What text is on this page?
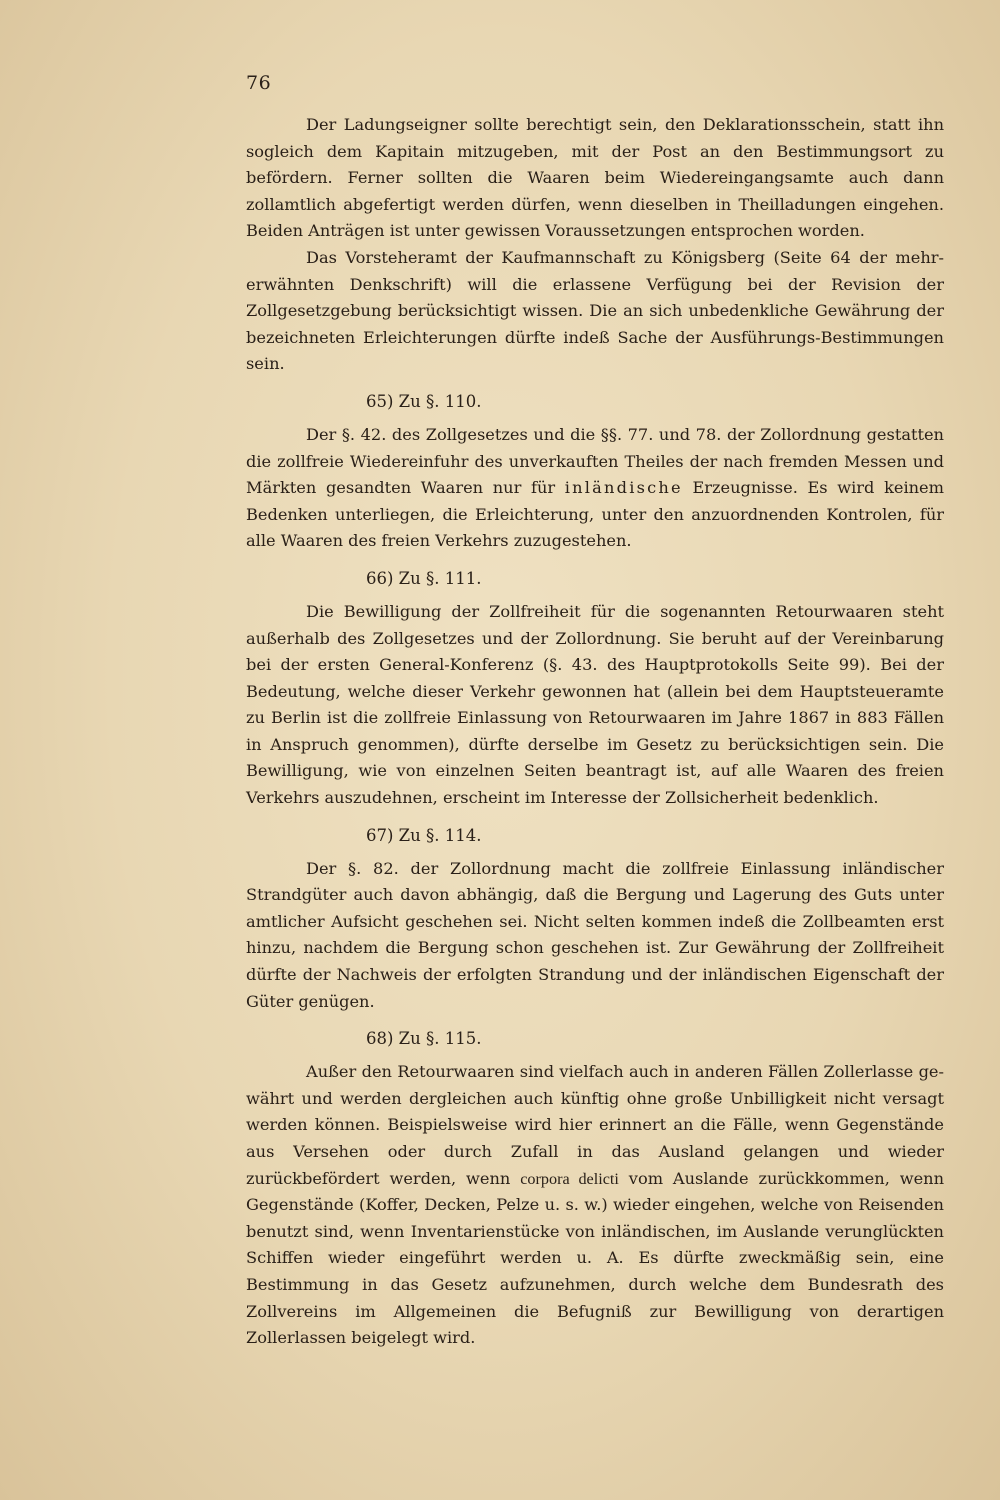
76

Der Ladungseigner sollte berechtigt sein, den Deklarationsschein, statt ihn sogleich dem Kapitain mitzugeben, mit der Post an den Bestimmungsort zu befördern. Ferner sollten die Waaren beim Wiedereingangsamte auch dann zollamtlich abgefertigt werden dürfen, wenn dieselben in Theilladungen eingehen. Beiden Anträgen ist unter gewissen Voraussetzungen entsprochen worden.

Das Vorsteheramt der Kaufmannschaft zu Königsberg (Seite 64 der mehrerwähnten Denkschrift) will die erlassene Verfügung bei der Revision der Zollgesetzgebung berücksichtigt wissen. Die an sich unbedenkliche Gewährung der bezeichneten Erleichterungen dürfte indeß Sache der Ausführungs-Bestimmungen sein.

65) Zu §. 110.

Der §. 42. des Zollgesetzes und die §§. 77. und 78. der Zollordnung gestatten die zollfreie Wiedereinfuhr des unverkauften Theiles der nach fremden Messen und Märkten gesandten Waaren nur für inländische Erzeugnisse. Es wird keinem Bedenken unterliegen, die Erleichterung, unter den anzuordnenden Kontrolen, für alle Waaren des freien Verkehrs zuzugestehen.

66) Zu §. 111.

Die Bewilligung der Zollfreiheit für die sogenannten Retourwaaren steht außerhalb des Zollgesetzes und der Zollordnung. Sie beruht auf der Vereinbarung bei der ersten General-Konferenz (§. 43. des Hauptprotokolls Seite 99). Bei der Bedeutung, welche dieser Verkehr gewonnen hat (allein bei dem Hauptsteueramte zu Berlin ist die zollfreie Einlassung von Retourwaaren im Jahre 1867 in 883 Fällen in Anspruch genommen), dürfte derselbe im Gesetz zu berücksichtigen sein. Die Bewilligung, wie von einzelnen Seiten beantragt ist, auf alle Waaren des freien Verkehrs auszudehnen, erscheint im Interesse der Zollsicherheit bedenklich.

67) Zu §. 114.

Der §. 82. der Zollordnung macht die zollfreie Einlassung inländischer Strandgüter auch davon abhängig, daß die Bergung und Lagerung des Guts unter amtlicher Aufsicht geschehen sei. Nicht selten kommen indeß die Zollbeamten erst hinzu, nachdem die Bergung schon geschehen ist. Zur Gewährung der Zollfreiheit dürfte der Nachweis der erfolgten Strandung und der inländischen Eigenschaft der Güter genügen.

68) Zu §. 115.

Außer den Retourwaaren sind vielfach auch in anderen Fällen Zollerlasse gewährt und werden dergleichen auch künftig ohne große Unbilligkeit nicht versagt werden können. Beispielsweise wird hier erinnert an die Fälle, wenn Gegenstände aus Versehen oder durch Zufall in das Ausland gelangen und wieder zurückbefördert werden, wenn corpora delicti vom Auslande zurückkommen, wenn Gegenstände (Koffer, Decken, Pelze u. s. w.) wieder eingehen, welche von Reisenden benutzt sind, wenn Inventarienstücke von inländischen, im Auslande verunglückten Schiffen wieder eingeführt werden u. A. Es dürfte zweckmäßig sein, eine Bestimmung in das Gesetz aufzunehmen, durch welche dem Bundesrath des Zollvereins im Allgemeinen die Befugniß zur Bewilligung von derartigen Zollerlassen beigelegt wird.
